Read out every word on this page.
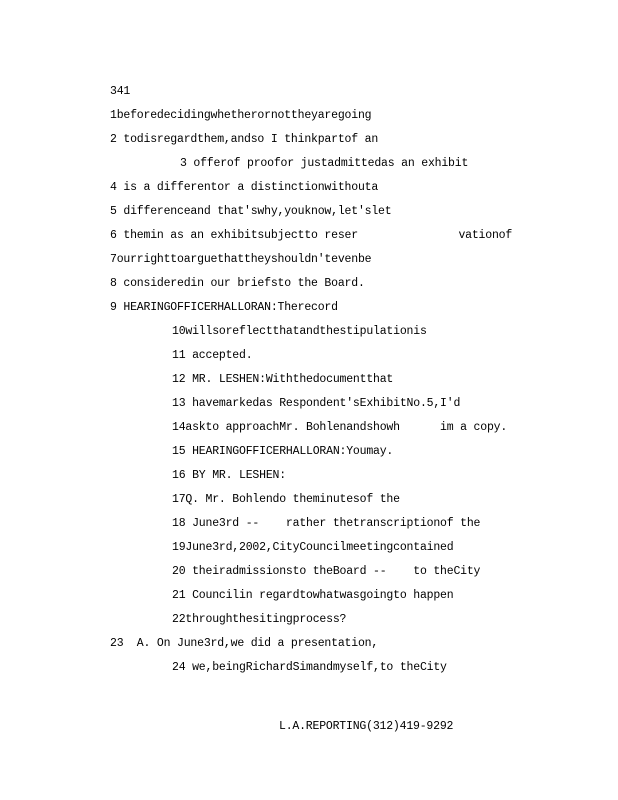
341
1beforedecidingwhetherornottheyaregoing
2 todisregardthem,andso I thinkpartof an
3 offerof proofor justadmittedas an exhibit
4 is a differentor a distinctionwithouta
5 differenceand that'swhy,youknow,let'slet
6 themin as an exhibitsubjectto reser               vationof
7ourrighttoarguethattheyshouldn'tevenbe
8 consideredin our briefsto the Board.
9 HEARINGOFFICERHALLORAN:Therecord
10willsoreflectthatandthestipulationis
11 accepted.
12 MR. LESHEN:Withthedocumentthat
13 havemarkedas Respondent'sExhibitNo.5,I'd
14askto approachMr. Bohlenandshowh      im a copy.
15 HEARINGOFFICERHALLORAN:Youmay.
16 BY MR. LESHEN:
17Q. Mr. Bohlendo theminutesof the
18 June3rd --    rather thetranscriptionof the
19June3rd,2002,CityCouncilmeetingcontained
20 theiradmissionsto theBoard --    to theCity
21 Councilin regardtowhatwasgoingto happen
22throughthesitingprocess?
23  A. On June3rd,we did a presentation,
24 we,beingRichardSimandmyself,to theCity
L.A.REPORTING(312)419-9292
